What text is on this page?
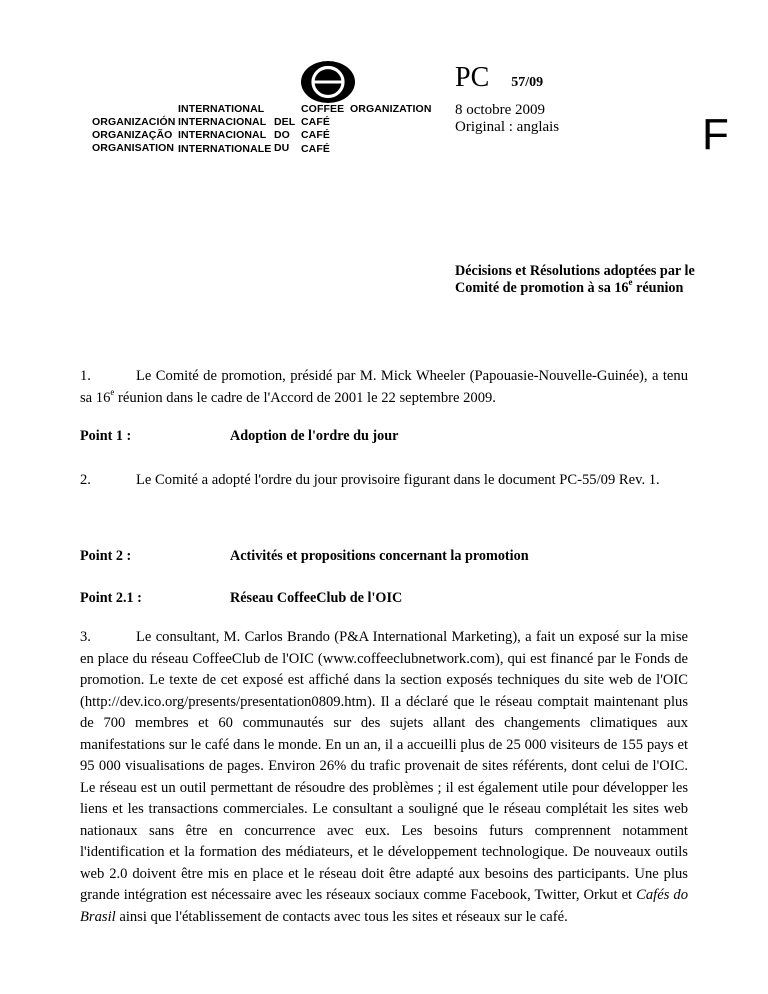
ORGANIZACIÓN
ORGANIZAÇÃO
ORGANISATION
INTERNATIONAL
INTERNACIONAL
INTERNACIONAL
INTERNATIONALE
DEL
DO
DU
COFFEE
CAFÉ
CAFÉ
CAFÉ
ORGANIZATION
PC 57/09
8 octobre 2009
Original : anglais	F
Décisions et Résolutions adoptées par le
Comité de promotion à sa 16e réunion

1.	Le Comité de promotion, présidé par M. Mick Wheeler (Papouasie-Nouvelle-Guinée), a tenu sa 16e réunion dans le cadre de l'Accord de 2001 le 22 septembre 2009.

Point 1 :	Adoption de l'ordre du jour

2.	Le Comité a adopté l'ordre du jour provisoire figurant dans le document PC-55/09 Rev. 1.

Point 2 :	Activités et propositions concernant la promotion
Point 2.1 :	Réseau CoffeeClub de l'OIC

3.	Le consultant, M. Carlos Brando (P&A International Marketing), a fait un exposé sur la mise en place du réseau CoffeeClub de l'OIC (www.coffeeclubnetwork.com), qui est financé par le Fonds de promotion. Le texte de cet exposé est affiché dans la section exposés techniques du site web de l'OIC (http://dev.ico.org/presents/presentation0809.htm). Il a déclaré que le réseau comptait maintenant plus de 700 membres et 60 communautés sur des sujets allant des changements climatiques aux manifestations sur le café dans le monde. En un an, il a accueilli plus de 25 000 visiteurs de 155 pays et 95 000 visualisations de pages. Environ 26% du trafic provenait de sites référents, dont celui de l'OIC. Le réseau est un outil permettant de résoudre des problèmes ; il est également utile pour développer les liens et les transactions commerciales. Le consultant a souligné que le réseau complétait les sites web nationaux sans être en concurrence avec eux. Les besoins futurs comprennent notamment l'identification et la formation des médiateurs, et le développement technologique. De nouveaux outils web 2.0 doivent être mis en place et le réseau doit être adapté aux besoins des participants. Une plus grande intégration est nécessaire avec les réseaux sociaux comme Facebook, Twitter, Orkut et Cafés do Brasil ainsi que l'établissement de contacts avec tous les sites et réseaux sur le café.
